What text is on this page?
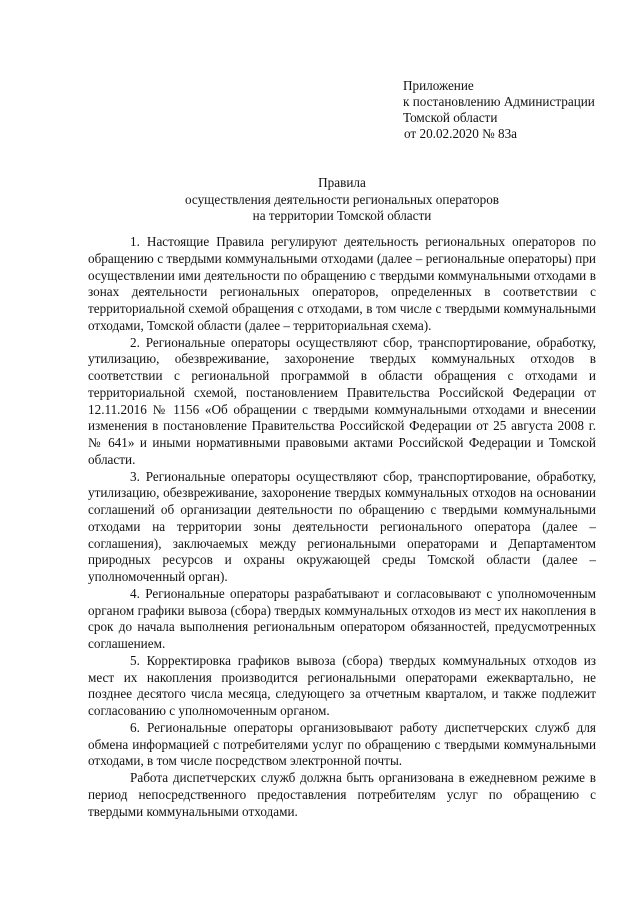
Приложение
к постановлению Администрации
Томской области
от 20.02.2020 № 83а
Правила
осуществления деятельности региональных операторов
на территории Томской области

1. Настоящие Правила регулируют деятельность региональных операторов по обращению с твердыми коммунальными отходами (далее – региональные операторы) при осуществлении ими деятельности по обращению с твердыми коммунальными отходами в зонах деятельности региональных операторов, определенных в соответствии с территориальной схемой обращения с отходами, в том числе с твердыми коммунальными отходами, Томской области (далее – территориальная схема).

2. Региональные операторы осуществляют сбор, транспортирование, обработку, утилизацию, обезвреживание, захоронение твердых коммунальных отходов в соответствии с региональной программой в области обращения с отходами и территориальной схемой, постановлением Правительства Российской Федерации от 12.11.2016 № 1156 «Об обращении с твердыми коммунальными отходами и внесении изменения в постановление Правительства Российской Федерации от 25 августа 2008 г. № 641» и иными нормативными правовыми актами Российской Федерации и Томской области.

3. Региональные операторы осуществляют сбор, транспортирование, обработку, утилизацию, обезвреживание, захоронение твердых коммунальных отходов на основании соглашений об организации деятельности по обращению с твердыми коммунальными отходами на территории зоны деятельности регионального оператора (далее – соглашения), заключаемых между региональными операторами и Департаментом природных ресурсов и охраны окружающей среды Томской области (далее – уполномоченный орган).

4. Региональные операторы разрабатывают и согласовывают с уполномоченным органом графики вывоза (сбора) твердых коммунальных отходов из мест их накопления в срок до начала выполнения региональным оператором обязанностей, предусмотренных соглашением.

5. Корректировка графиков вывоза (сбора) твердых коммунальных отходов из мест их накопления производится региональными операторами ежеквартально, не позднее десятого числа месяца, следующего за отчетным кварталом, и также подлежит согласованию с уполномоченным органом.

6. Региональные операторы организовывают работу диспетчерских служб для обмена информацией с потребителями услуг по обращению с твердыми коммунальными отходами, в том числе посредством электронной почты.

Работа диспетчерских служб должна быть организована в ежедневном режиме в период непосредственного предоставления потребителям услуг по обращению с твердыми коммунальными отходами.
